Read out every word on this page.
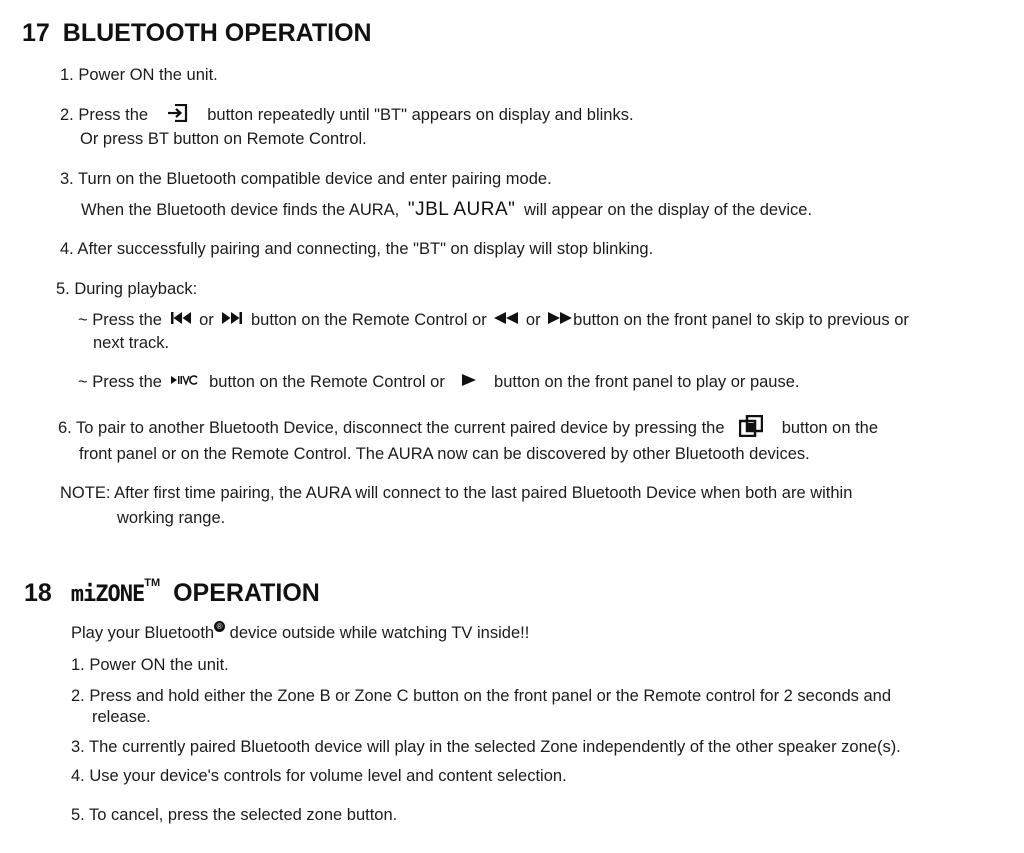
17 BLUETOOTH OPERATION
1. Power ON the unit.
2. Press the	button repeatedly until "BT" appears on display and blinks.
Or press BT button on Remote Control.
3. Turn on the Bluetooth compatible device and enter pairing mode.
When the Bluetooth device finds the AURA, "JBL AURA" will appear on the display of the device.
4. After successfully pairing and connecting, the "BT" on display will stop blinking.
5. During playback:
~ Press the or button on the Remote Control or or button on the front panel to skip to previous or
next track.
~ Press the	button on the Remote Control or	button on the front panel to play or pause.
6. To pair to another Bluetooth Device, disconnect the current paired device by pressing the	button on the
front panel or on the Remote Control. The AURA now can be discovered by other Bluetooth devices.
NOTE: After first time pairing, the AURA will connect to the last paired Bluetooth Device when both are within
working range.
18 miZONE™ OPERATION
Play your Bluetooth ® device outside while watching TV inside!!
1. Power ON the unit.
2. Press and hold either the Zone B or Zone C button on the front panel or the Remote control for 2 seconds and
release.
3. The currently paired Bluetooth device will play in the selected Zone independently of the other speaker zone(s).
4. Use your device's controls for volume level and content selection.
5. To cancel, press the selected zone button.
